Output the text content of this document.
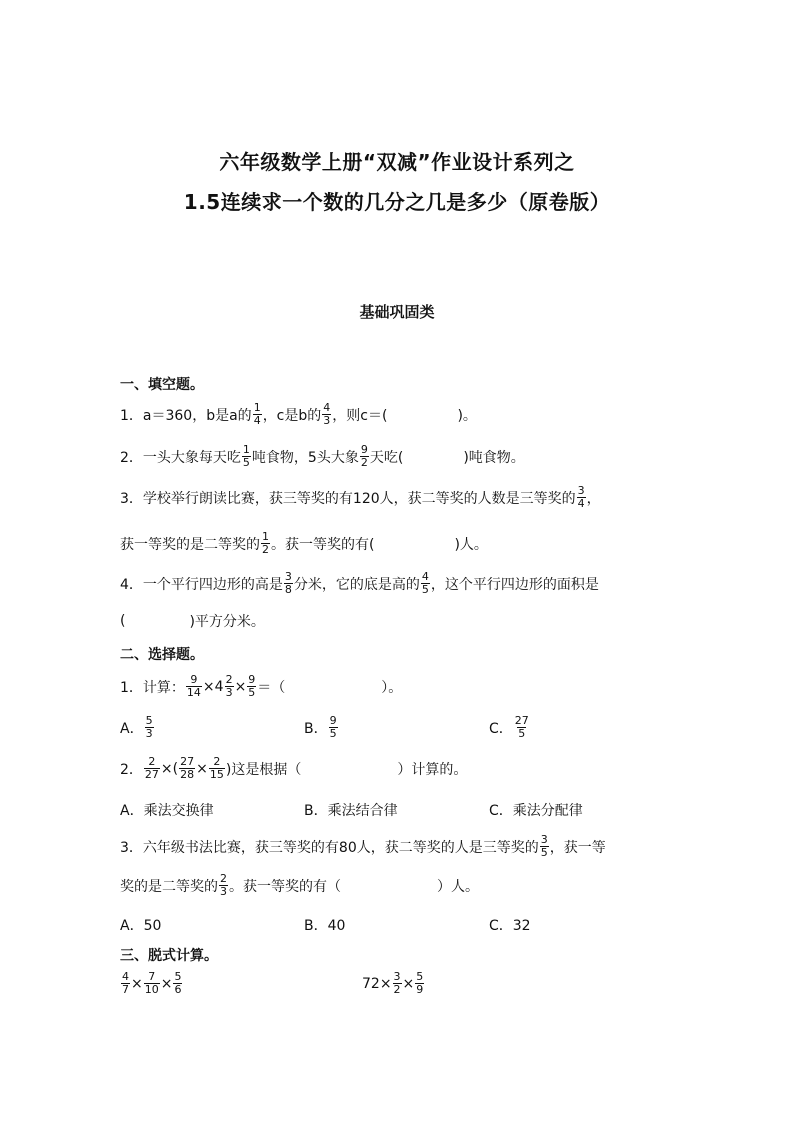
六年级数学上册“双减”作业设计系列之
1.5连续求一个数的几分之几是多少（原卷版）
基础巩固类
一、填空题。
1．a＝360，b是a的 $\frac{1}{4}$ ，c是b的 $\frac{4}{3}$ ，则c＝(	)。
2．一头大象每天吃 $\frac{1}{5}$ 吨食物，5头大象 $\frac{9}{2}$ 天吃(	)吨食物。
3．学校举行朗读比赛，获三等奖的有120人，获二等奖的人数是三等奖的 $\frac{3}{4}$ ，
获一等奖的是二等奖的 $\frac{1}{2}$ 。获一等奖的有(	)人。
4．一个平行四边形的高是 $\frac{3}{8}$ 分米，它的底是高的 $\frac{4}{5}$ ，这个平行四边形的面积是
(	)平方分米。
二、选择题。
1．计算： $\frac{9}{14} \times 4 \frac{2}{3} \times \frac{9}{5}$ ＝（	）。
A． $\frac{5}{3}$	B． $\frac{9}{5}$	C． $\frac{27}{5}$
2． $\frac{2}{27}$ ×( $\frac{27}{28} \times \frac{2}{15}$ )这是根据（	）计算的。
A．乘法交换律	B．乘法结合律	C．乘法分配律
3．六年级书法比赛，获三等奖的有80人，获二等奖的人是三等奖的 $\frac{3}{5}$ ，获一等
奖的是二等奖的 $\frac{2}{3}$ 。获一等奖的有（	）人。
A．50	B．40	C．32
三、脱式计算。
$\frac{4}{7} \times \frac{7}{10} \times \frac{5}{6}$	$72\times \frac{3}{2} \times \frac{5}{9}$
